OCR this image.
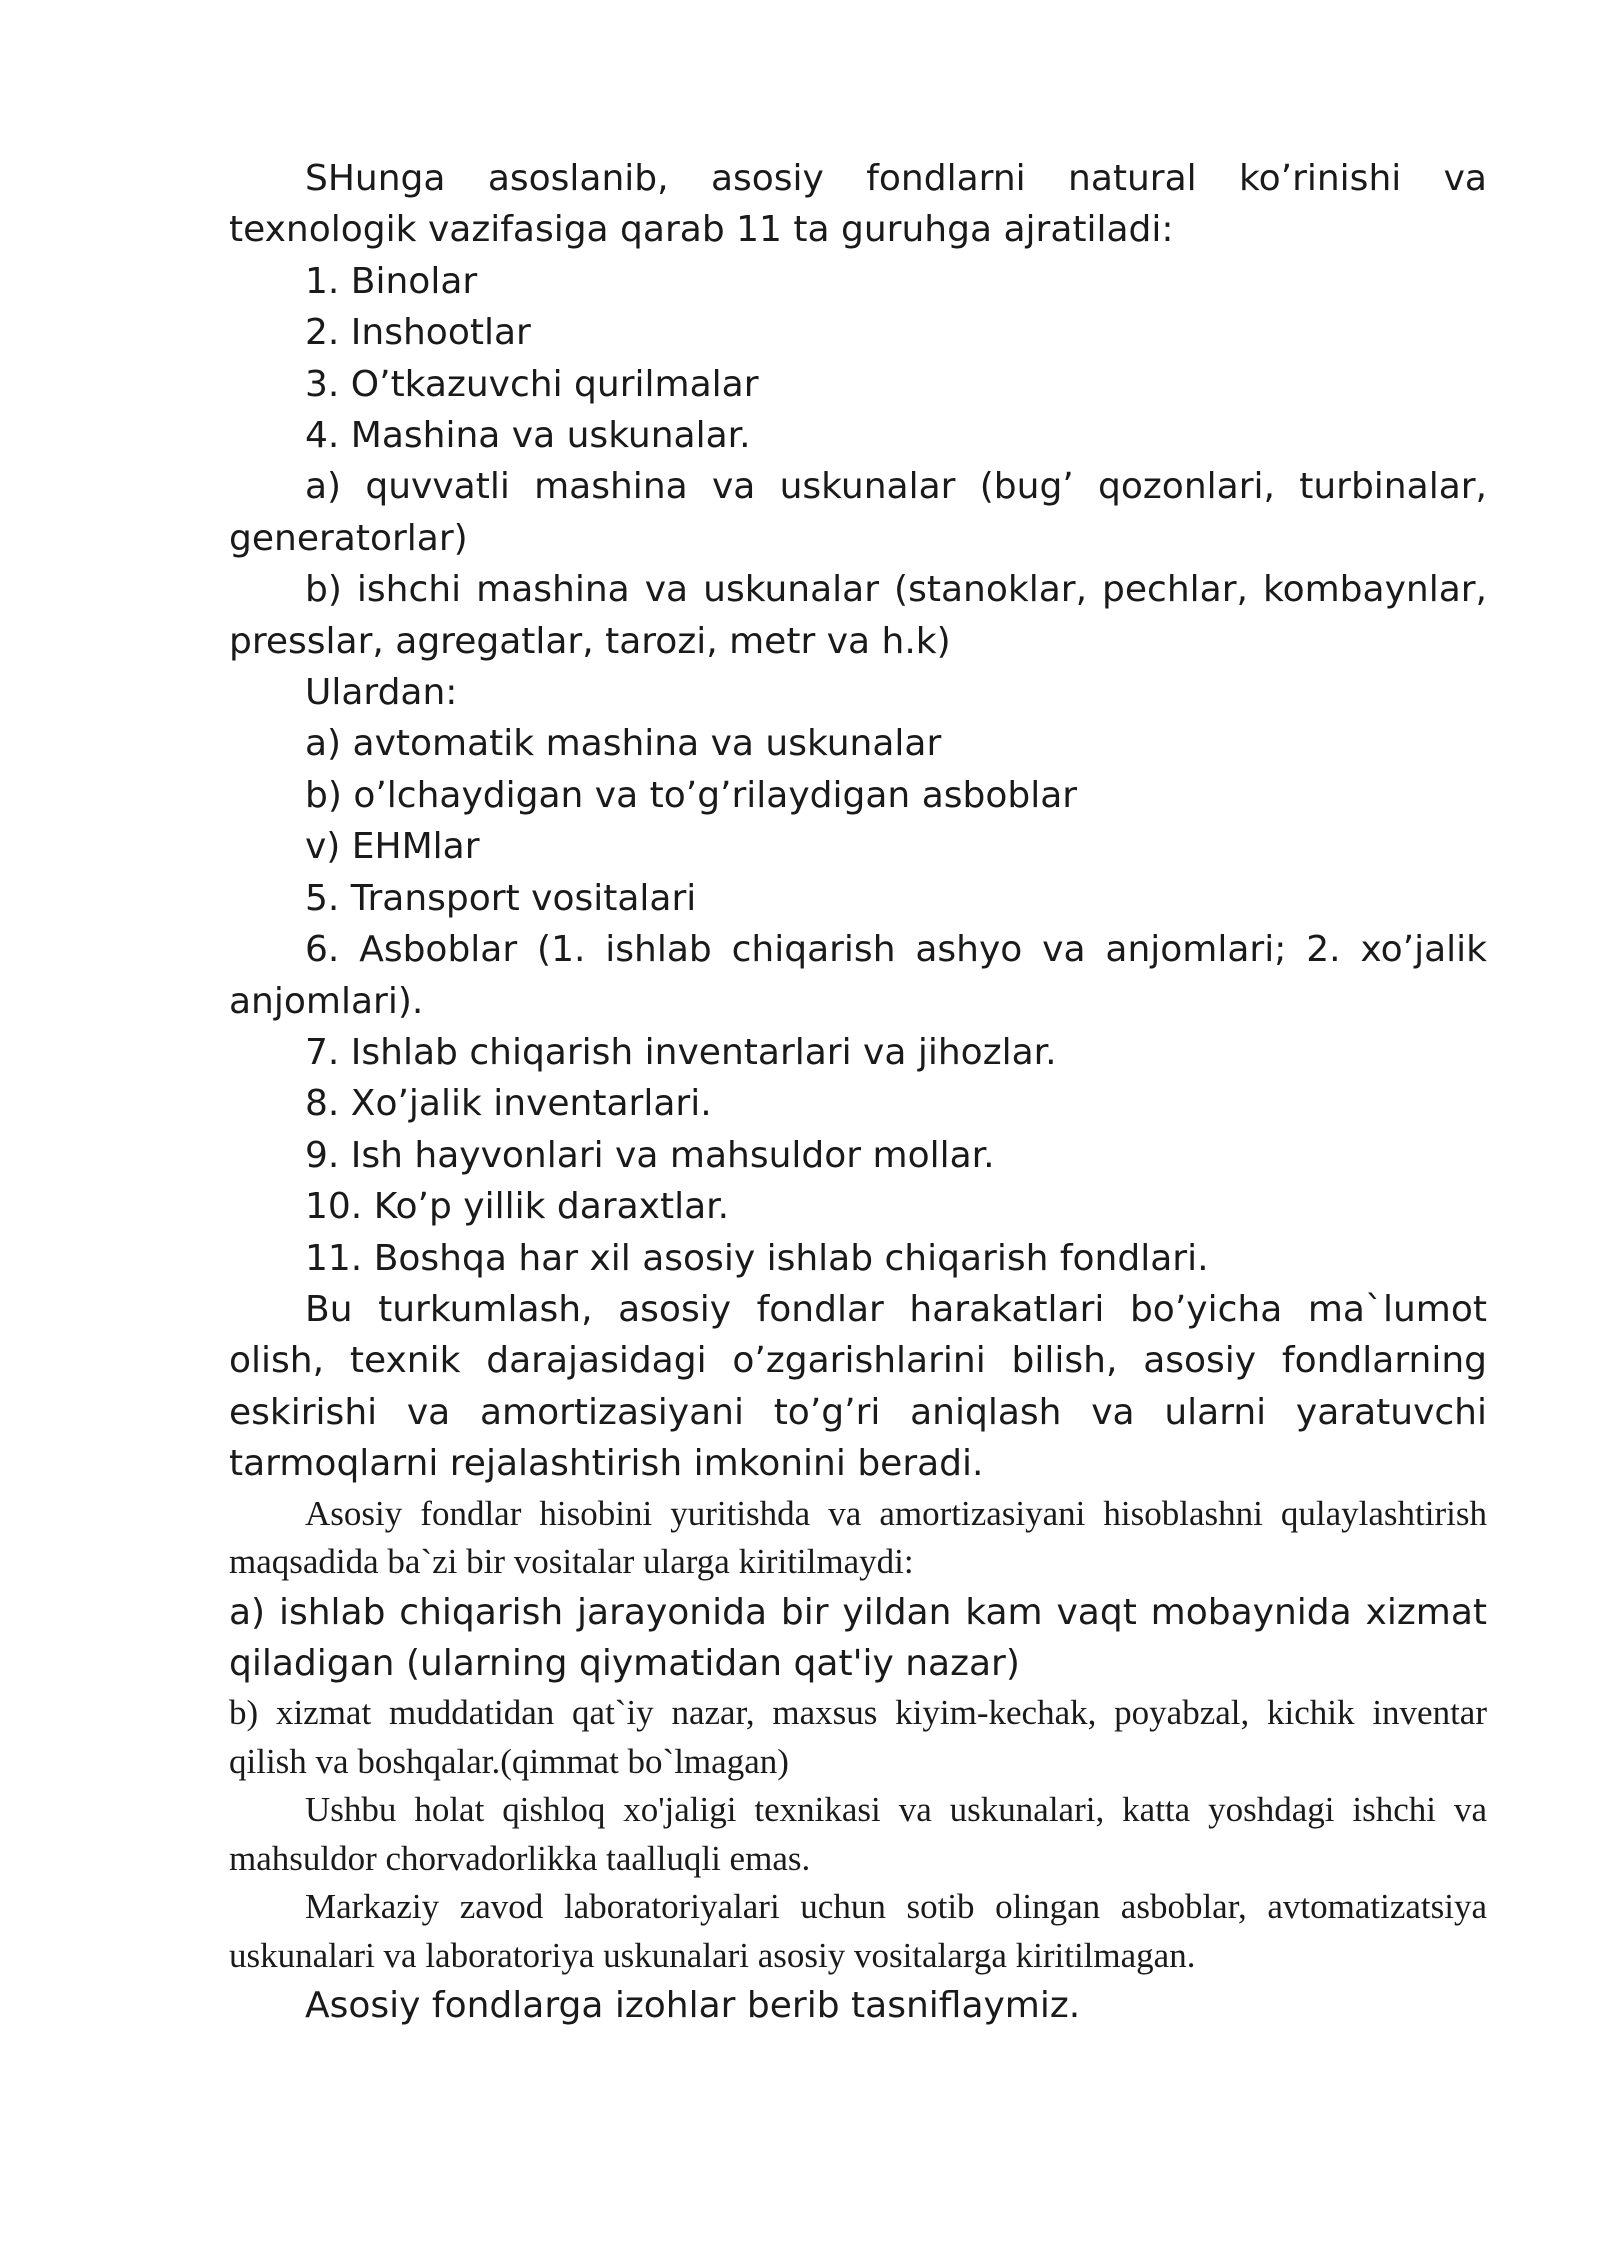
SHunga asoslanib, asosiy fondlarni natural ko’rinishi va texnologik vazifasiga qarab 11 ta guruhga ajratiladi:

1. Binolar

2. Inshootlar

3. O’tkazuvchi qurilmalar

4. Mashina va uskunalar.

a) quvvatli mashina va uskunalar (bug’ qozonlari, turbinalar, generatorlar)

b) ishchi mashina va uskunalar (stanoklar, pechlar, kombaynlar, presslar, agregatlar, tarozi, metr va h.k)

Ulardan:

a) avtomatik mashina va uskunalar

b) o’lchaydigan va to’g’rilaydigan asboblar

v) EHMlar

5. Transport vositalari

6. Asboblar (1. ishlab chiqarish ashyo va anjomlari; 2. xo’jalik anjomlari).

7. Ishlab chiqarish inventarlari va jihozlar.

8. Xo’jalik inventarlari.

9. Ish hayvonlari va mahsuldor mollar.

10. Ko’p yillik daraxtlar.

11. Boshqa har xil asosiy ishlab chiqarish fondlari.

Bu turkumlash, asosiy fondlar harakatlari bo’yicha ma`lumot olish, texnik darajasidagi o’zgarishlarini bilish, asosiy fondlarning eskirishi va amortizasiyani to’g’ri aniqlash va ularni yaratuvchi tarmoqlarni rejalashtirish imkonini beradi.

Asosiy fondlar hisobini yuritishda va amortizasiyani hisoblashni qulaylashtirish maqsadida ba`zi bir vositalar ularga kiritilmaydi:

a) ishlab chiqarish jarayonida bir yildan kam vaqt mobaynida xizmat qiladigan (ularning qiymatidan qat'iy nazar)

b) xizmat muddatidan qat`iy nazar, maxsus kiyim-kechak, poyabzal, kichik inventar qilish va boshqalar.(qimmat bo`lmagan)

Ushbu holat qishloq xo'jaligi texnikasi va uskunalari, katta yoshdagi ishchi va mahsuldor chorvadorlikka taalluqli emas.

Markaziy zavod laboratoriyalari uchun sotib olingan asboblar, avtomatizatsiya uskunalari va laboratoriya uskunalari asosiy vositalarga kiritilmagan.

Asosiy fondlarga izohlar berib tasniflaymiz.
